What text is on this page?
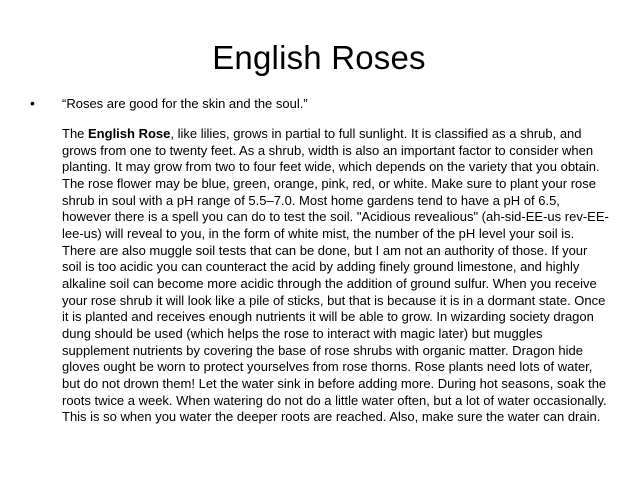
English Roses
• “Roses are good for the skin and the soul.”
The English Rose, like lilies, grows in partial to full sunlight. It is classified as a shrub, and grows from one to twenty feet. As a shrub, width is also an important factor to consider when planting. It may grow from two to four feet wide, which depends on the variety that you obtain. The rose flower may be blue, green, orange, pink, red, or white. Make sure to plant your rose shrub in soul with a pH range of 5.5–7.0. Most home gardens tend to have a pH of 6.5, however there is a spell you can do to test the soil. "Acidious revealious" (ah-sid-EE-us rev-EE-lee-us) will reveal to you, in the form of white mist, the number of the pH level your soil is. There are also muggle soil tests that can be done, but I am not an authority of those. If your soil is too acidic you can counteract the acid by adding finely ground limestone, and highly alkaline soil can become more acidic through the addition of ground sulfur. When you receive your rose shrub it will look like a pile of sticks, but that is because it is in a dormant state. Once it is planted and receives enough nutrients it will be able to grow. In wizarding society dragon dung should be used (which helps the rose to interact with magic later) but muggles supplement nutrients by covering the base of rose shrubs with organic matter. Dragon hide gloves ought be worn to protect yourselves from rose thorns. Rose plants need lots of water, but do not drown them! Let the water sink in before adding more. During hot seasons, soak the roots twice a week. When watering do not do a little water often, but a lot of water occasionally. This is so when you water the deeper roots are reached. Also, make sure the water can drain.
